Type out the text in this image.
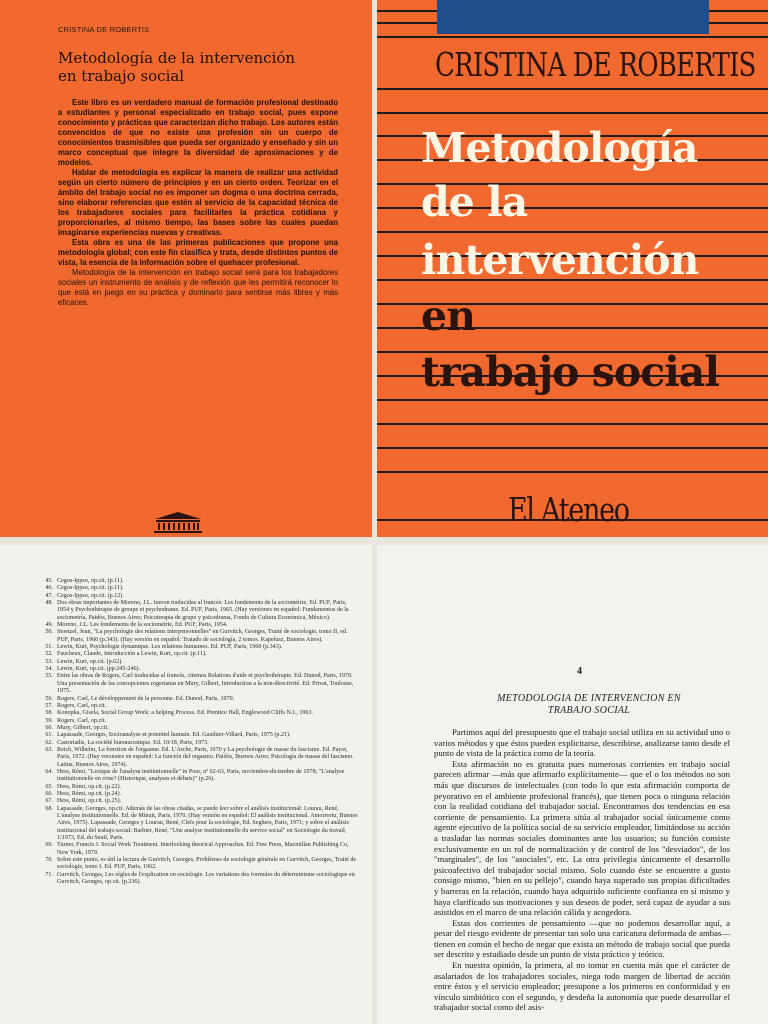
CRISTINA DE ROBERTIS
Metodología de la intervención
en trabajo social

Este libro es un verdadero manual de formación profesional destinado a estudiantes y personal especializado en trabajo social, pues expone conocimiento y prácticas que caracterizan dicho trabajo. Los autores están convencidos de que no existe una profesión sin un cuerpo de conocimientos trasmisibles que pueda ser organizado y enseñado y sin un marco conceptual que integre la diversidad de aproximaciones y de modelos.

Hablar de metodología es explicar la manera de realizar una actividad según un cierto número de principios y en un cierto orden. Teorizar en el ámbito del trabajo social no es imponer un dogma o una doctrina cerrada, sino elaborar referencias que estén al servicio de la capacidad técnica de los trabajadores sociales para facilitarles la práctica cotidiana y proporcionarles, al mismo tiempo, las bases sobre las cuales puedan imaginarse experiencias nuevas y creativas.

Esta obra es una de las primeras publicaciones que propone una metodología global; con este fin clasifica y trata, desde distintos puntos de vista, la esencia de la información sobre el quehacer profesional.

Metodología de la intervención en trabajo social será para los trabajadores sociales un instrumento de análisis y de reflexión que les permitirá reconocer lo que está en juego en su práctica y dominarlo para sentirse más libres y más eficaces.

CRISTINA DE ROBERTIS
Metodología
de la
intervención
en
trabajo social
El Ateneo
45. Cegos-Ippso, op.cit. (p.11).
46. Cegos-Ippso, op.cit. (p.11).
47. Cegos-Ippso, op.cit. (p.12).
48. Dos obras importantes de Moreno, J.L. fueron traducidas al francés: Les fondements de la sociométrie, Ed. PUF, Paris, 1954 y Psychothérapie de groupe et psychodrame. Ed. PUF, Paris, 1965. (Hay versiones en español: Fundamentos de la sociometría, Paidós, Buenos Aires; Psicoterapia de grupo y psicodrama, Fondo de Cultura Económica, México).
49. Moreno, J.L. Les fondements de la sociométrie, Ed. PUF, Paris, 1954.
50. Stoetzel, Jean, "La psychologie des relations interpersonnelles" en Gurvitch, Georges, Traité de sociologie, tomo II, ed. PUF, Paris, 1960 (p.343). (Hay versión en español: Tratado de sociología, 2 tomos. Kapelusz, Buenos Aires).
51. Lewin, Kurt, Psychologie dynamique. Les relations humaines. Ed. PUF, Paris, 1960 (p.343).
52. Faucheux, Claude, Introducción a Lewin, Kurt, op.cit. (p.11).
53. Lewin, Kurt, op.cit. (p.62).
54. Lewin, Kurt, op.cit. (pp.245-246).
55. Entre las obras de Rogers, Carl traducidas al francés, citemos Relations d'aide et psychothérapie. Ed. Dunod, Paris, 1970. Una presentación de las concepciones rogerianas en Mury, Gilbert, Introduction a la non-directivité. Ed. Privat, Toulouse, 1975.
56. Rogers, Carl, Le développement de la personne. Ed. Dunod, Paris, 1970.
57. Rogers, Carl, op.cit.
58. Konopka, Gisela, Social Group Work: a helping Process. Ed. Prentice Hall, Englewood Cliffs N.J., 1963.
59. Rogers, Carl, op.cit.
60. Mury, Gilbert, op.cit.
61. Lapassade, Georges, Socioanalyse et potentiel humain. Ed. Gauthier-Villard, Paris, 1975 (p.21).
62. Castoriadis, La société bureaucratique. Ed. 10/18, Paris, 1973.
63. Reich, Wilhelm, La fonction de l'orgasme. Ed. L'Arche, Paris, 1970 y La psychologie de masse du fascisme. Ed. Payot, Paris, 1972. (Hay versiones en español: La función del orgasmo. Paidós, Buenos Aires; Psicología de masas del fascismo. Latina, Buenos Aires, 1974).
64. Hess, Rémi, "Lexique de l'analyse institutionnelle" in Pour, nº 62-63, Paris, noviembre-diciembre de 1978; "L'analyse institutionnelle en crise? (Historique, analyses et débats)" (p.26).
65. Hess, Rémi, op.cit. (p.22).
66. Hess, Rémi, op.cit. (p.24).
67. Hess, Rémi, op.cit. (p.25).
68. Lapassade, Georges, op.cit. Además de las obras citadas, se puede leer sobre el análisis institucional: Lourau, René, L'analyse institutionnelle. Ed. de Minuit, Paris, 1970. (Hay versión en español: El análisis institucional. Amorrortu, Buenos Aires, 1975). Lapassade, Georges y Lourau, René, Clefs pour la sociologie, Ed. Seghers, Paris, 1971; y sobre el análisis institucional del trabajo social: Barbier, René, "Une analyse institutionnelle du service social" en Sociologie du travail, 1/1973, Ed. du Seuil, Paris.
69. Turner, Francis J. Social Work Treatment. Interlocking theorical Approaches. Ed. Free Press, Macmillan Publishing Co, New York, 1979.
70. Sobre este punto, es útil la lectura de Gurvitch, Georges, Problèmes de sociologie générale en Gurvitch, Georges, Traité de sociologie, tomo I. Ed. PUF, Paris, 1962.
71. Gurvitch, Georges, Les règles de l'explication en sociologie. Les variations des formules du déterminisme sociologique en Gurvitch, Georges, op.cit. (p.236).
4
METODOLOGIA DE INTERVENCION EN
TRABAJO SOCIAL

Partimos aquí del presupuesto que el trabajo social utiliza en su actividad uno o varios métodos y que éstos pueden explicitarse, describirse, analizarse tanto desde el punto de vista de la práctica como de la teoría.

Esta afirmación no es gratuita pues numerosas corrientes en trabajo social parecen afirmar —más que afirmarlo explícitamente— que el o los métodos no son más que discursos de intelectuales (con todo lo que esta afirmación comporta de peyorativo en el ambiente profesional francés), que tienen poca o ninguna relación con la realidad cotidiana del trabajador social. Encontramos dos tendencias en esa corriente de pensamiento. La primera sitúa al trabajador social únicamente como agente ejecutivo de la política social de su servicio empleador, limitándose su acción a trasladar las normas sociales dominantes ante los usuarios; su función consiste exclusivamente en un rol de normalización y de control de los "desviados", de los "marginales", de los "asociales", etc. La otra privilegia únicamente el desarrollo psicoafectivo del trabajador social mismo. Solo cuando éste se encuentre a gusto consigo mismo, "bien en su pellejo", cuando haya superado sus propias dificultades y barreras en la relación, cuando haya adquirido suficiente confianza en sí mismo y haya clarificado sus motivaciones y sus deseos de poder, será capaz de ayudar a sus asistidos en el marco de una relación cálida y acogedora.

Estas dos corrientes de pensamiento —que no podemos desarrollar aquí, a pesar del riesgo evidente de presentar tan solo una caricatura deformada de ambas— tienen en común el hecho de negar que exista un método de trabajo social que pueda ser descrito y estudiado desde un punto de vista práctico y teórico.

En nuestra opinión, la primera, al no tomar en cuenta más que el carácter de asalariados de los trabajadores sociales, niega todo margen de libertad de acción entre éstos y el servicio empleador; presupone a los primeros en conformidad y en vínculo simbiótico con el segundo, y desdeña la autonomía que puede desarrollar el trabajador social como del asis-
